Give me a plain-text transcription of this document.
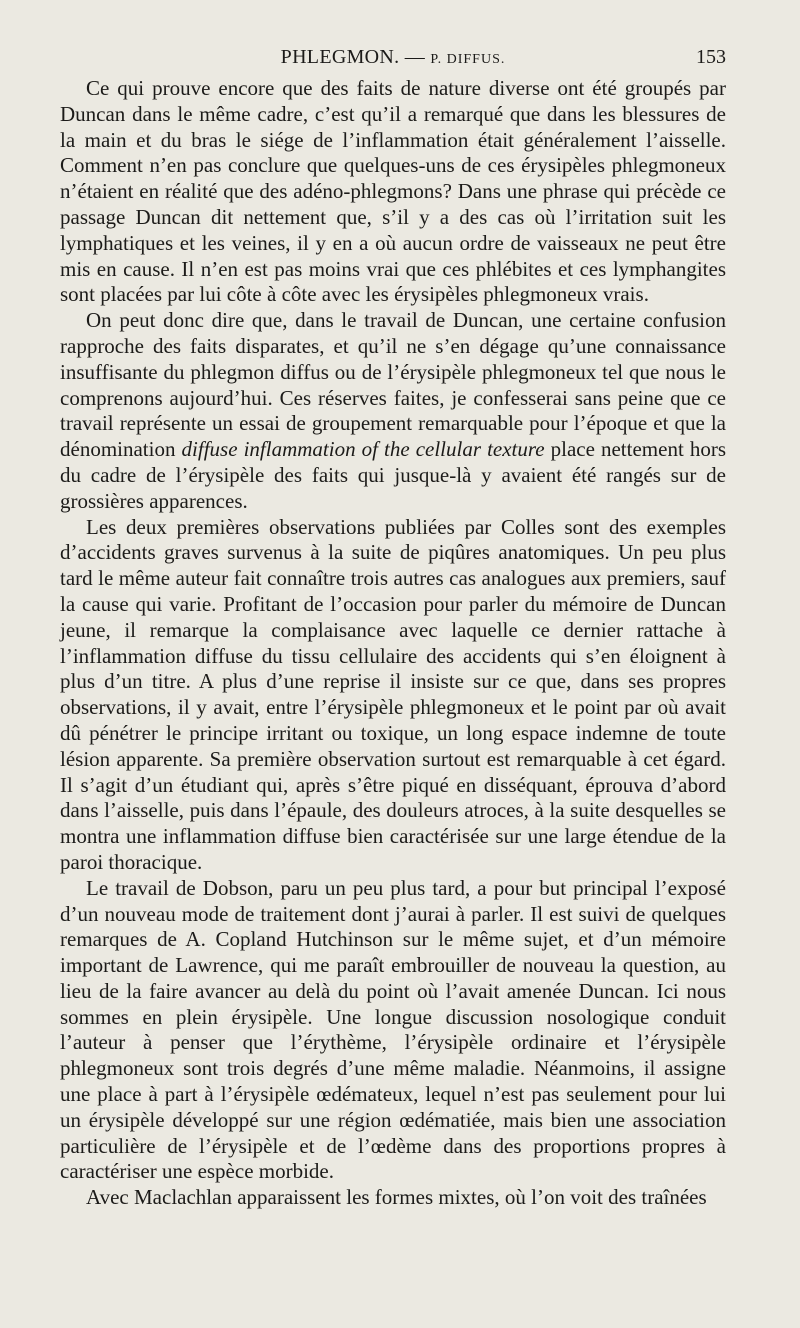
PHLEGMON. — P. DIFFUS.	153

Ce qui prouve encore que des faits de nature diverse ont été groupés par Duncan dans le même cadre, c’est qu’il a remarqué que dans les blessures de la main et du bras le siége de l’inflammation était généralement l’aisselle. Comment n’en pas conclure que quelques-uns de ces érysipèles phlegmoneux n’étaient en réalité que des adéno-phlegmons? Dans une phrase qui précède ce passage Duncan dit nettement que, s’il y a des cas où l’irritation suit les lymphatiques et les veines, il y en a où aucun ordre de vaisseaux ne peut être mis en cause. Il n’en est pas moins vrai que ces phlébites et ces lymphangites sont placées par lui côte à côte avec les érysipèles phlegmoneux vrais.

On peut donc dire que, dans le travail de Duncan, une certaine confusion rapproche des faits disparates, et qu’il ne s’en dégage qu’une connaissance insuffisante du phlegmon diffus ou de l’érysipèle phlegmoneux tel que nous le comprenons aujourd’hui. Ces réserves faites, je confesserai sans peine que ce travail représente un essai de groupement remarquable pour l’époque et que la dénomination diffuse inflammation of the cellular texture place nettement hors du cadre de l’érysipèle des faits qui jusque-là y avaient été rangés sur de grossières apparences.

Les deux premières observations publiées par Colles sont des exemples d’accidents graves survenus à la suite de piqûres anatomiques. Un peu plus tard le même auteur fait connaître trois autres cas analogues aux premiers, sauf la cause qui varie. Profitant de l’occasion pour parler du mémoire de Duncan jeune, il remarque la complaisance avec laquelle ce dernier rattache à l’inflammation diffuse du tissu cellulaire des accidents qui s’en éloignent à plus d’un titre. A plus d’une reprise il insiste sur ce que, dans ses propres observations, il y avait, entre l’érysipèle phlegmoneux et le point par où avait dû pénétrer le principe irritant ou toxique, un long espace indemne de toute lésion apparente. Sa première observation surtout est remarquable à cet égard. Il s’agit d’un étudiant qui, après s’être piqué en disséquant, éprouva d’abord dans l’aisselle, puis dans l’épaule, des douleurs atroces, à la suite desquelles se montra une inflammation diffuse bien caractérisée sur une large étendue de la paroi thoracique.

Le travail de Dobson, paru un peu plus tard, a pour but principal l’exposé d’un nouveau mode de traitement dont j’aurai à parler. Il est suivi de quelques remarques de A. Copland Hutchinson sur le même sujet, et d’un mémoire important de Lawrence, qui me paraît embrouiller de nouveau la question, au lieu de la faire avancer au delà du point où l’avait amenée Duncan. Ici nous sommes en plein érysipèle. Une longue discussion nosologique conduit l’auteur à penser que l’érythème, l’érysipèle ordinaire et l’érysipèle phlegmoneux sont trois degrés d’une même maladie. Néanmoins, il assigne une place à part à l’érysipèle œdémateux, lequel n’est pas seulement pour lui un érysipèle développé sur une région œdématiée, mais bien une association particulière de l’érysipèle et de l’œdème dans des proportions propres à caractériser une espèce morbide.

Avec Maclachlan apparaissent les formes mixtes, où l’on voit des traînées
